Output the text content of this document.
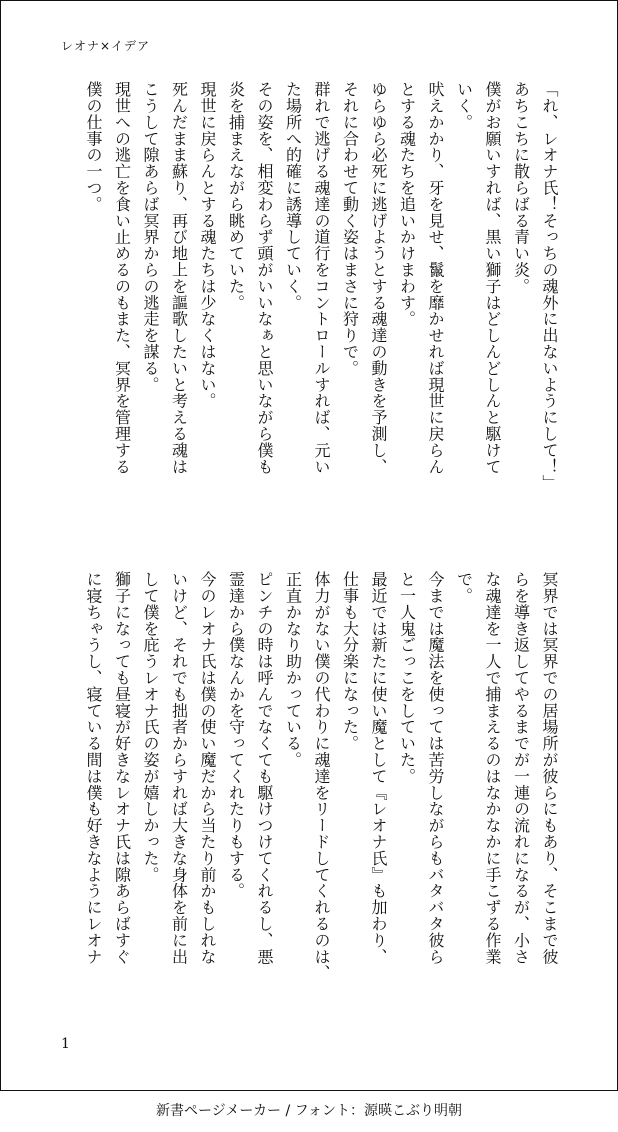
レオナ×イデア
「れ、レオナ氏！そっちの魂外に出ないようにして！」
あちこちに散らばる青い炎。
僕がお願いすれば、黒い獅子はどしんどしんと駆けて
いく。
吠えかかり、牙を見せ、鬣を靡かせれば現世に戻らん
とする魂たちを追いかけまわす。
ゆらゆら必死に逃げようとする魂達の動きを予測し、
それに合わせて動く姿はまさに狩りで。
群れで逃げる魂達の道行をコントロールすれば、元い
た場所へ的確に誘導していく。
その姿を、相変わらず頭がいいなぁと思いながら僕も
炎を捕まえながら眺めていた。
現世に戻らんとする魂たちは少なくはない。
死んだまま蘇り、再び地上を謳歌したいと考える魂は
こうして隙あらば冥界からの逃走を謀る。
現世への逃亡を食い止めるのもまた、冥界を管理する
僕の仕事の一つ。
冥界では冥界での居場所が彼らにもあり、そこまで彼
らを導き返してやるまでが一連の流れになるが、小さ
な魂達を一人で捕まえるのはなかなかに手こずる作業
で。
今までは魔法を使っては苦労しながらもバタバタ彼ら
と一人鬼ごっこをしていた。
最近では新たに使い魔として『レオナ氏』も加わり、
仕事も大分楽になった。
体力がない僕の代わりに魂達をリードしてくれるのは、
正直かなり助かっている。
ピンチの時は呼んでなくても駆けつけてくれるし、悪
霊達から僕なんかを守ってくれたりもする。
今のレオナ氏は僕の使い魔だから当たり前かもしれな
いけど、それでも拙者からすれば大きな身体を前に出
して僕を庇うレオナ氏の姿が嬉しかった。
獅子になっても昼寝が好きなレオナ氏は隙あらばすぐ
に寝ちゃうし、寝ている間は僕も好きなようにレオナ
1
新書ページメーカー / フォント：源暎こぶり明朝
